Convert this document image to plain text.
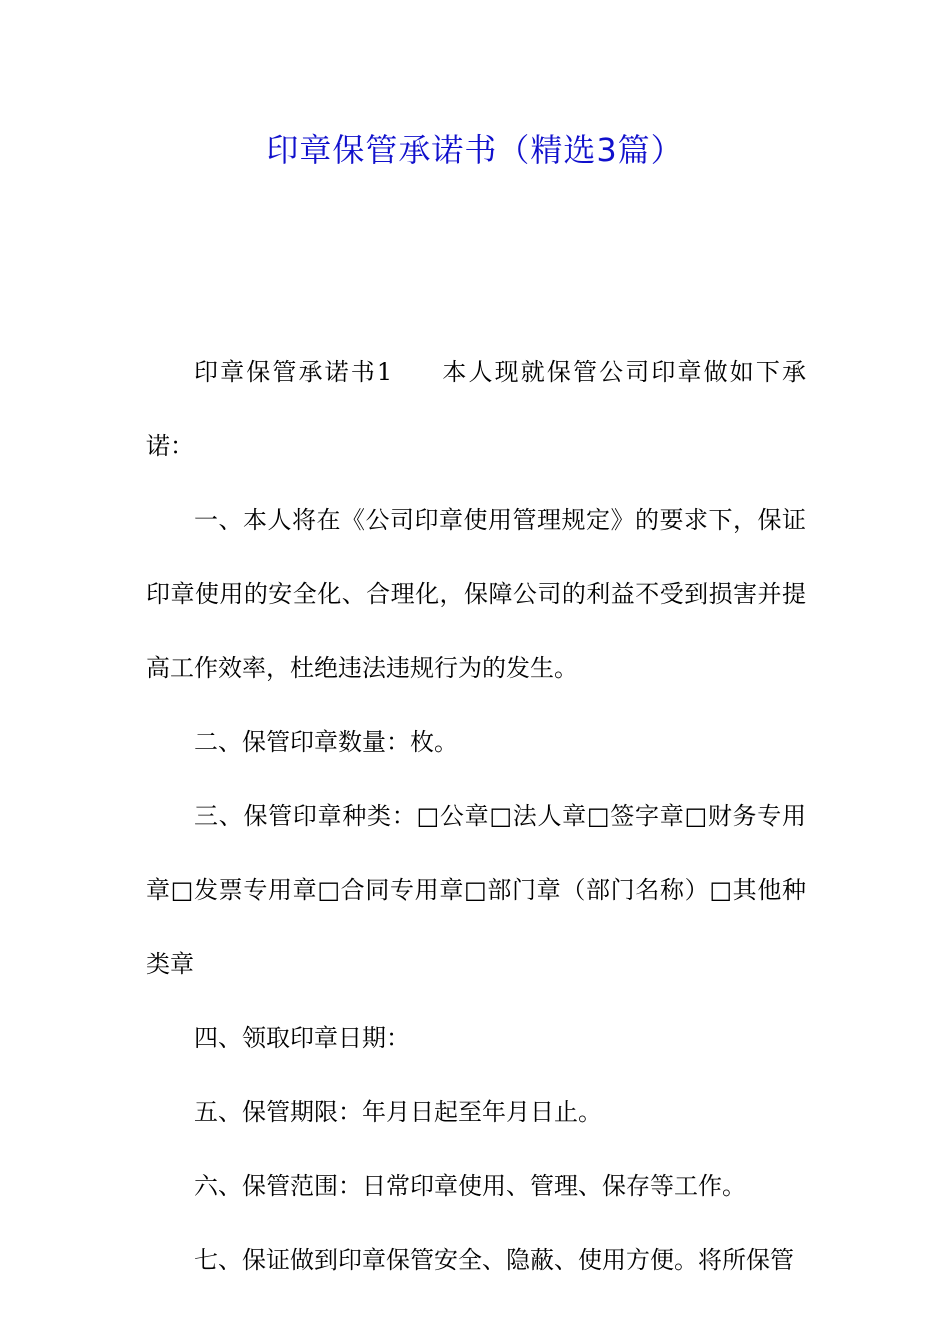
印章保管承诺书（精选3篇）

印章保管承诺书1 本人现就保管公司印章做如下承诺：

一、本人将在《公司印章使用管理规定》的要求下，保证印章使用的安全化、合理化，保障公司的利益不受到损害并提高工作效率，杜绝违法违规行为的发生。

二、保管印章数量：枚。

三、保管印章种类：□公章□法人章□签字章□财务专用章□发票专用章□合同专用章□部门章（部门名称）□其他种类章

四、领取印章日期：

五、保管期限：年月日起至年月日止。

六、保管范围：日常印章使用、管理、保存等工作。

七、保证做到印章保管安全、隐蔽、使用方便。将所保管
